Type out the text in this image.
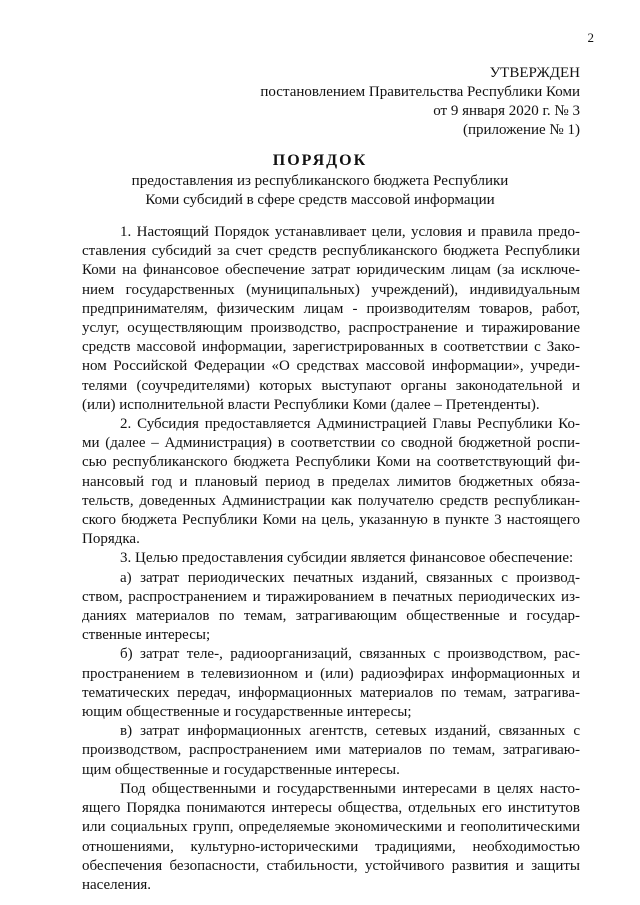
2
УТВЕРЖДЕН
постановлением Правительства Республики Коми
от 9 января 2020 г. № 3
(приложение № 1)
ПОРЯДОК
предоставления из республиканского бюджета Республики
Коми субсидий в сфере средств массовой информации
1. Настоящий Порядок устанавливает цели, условия и правила предо-
ставления субсидий за счет средств республиканского бюджета Республики
Коми на финансовое обеспечение затрат юридическим лицам (за исключе-
нием государственных (муниципальных) учреждений), индивидуальным
предпринимателям, физическим лицам - производителям товаров, работ,
услуг, осуществляющим производство, распространение и тиражирование
средств массовой информации, зарегистрированных в соответствии с Зако-
ном Российской Федерации «О средствах массовой информации», учреди-
телями (соучредителями) которых выступают органы законодательной и
(или) исполнительной власти Республики Коми (далее – Претенденты).
2. Субсидия предоставляется Администрацией Главы Республики Ко-
ми (далее – Администрация) в соответствии со сводной бюджетной роспи-
сью республиканского бюджета Республики Коми на соответствующий фи-
нансовый год и плановый период в пределах лимитов бюджетных обяза-
тельств, доведенных Администрации как получателю средств республикан-
ского бюджета Республики Коми на цель, указанную в пункте 3 настоящего
Порядка.
3. Целью предоставления субсидии является финансовое обеспечение:
а) затрат периодических печатных изданий, связанных с производ-
ством, распространением и тиражированием в печатных периодических из-
даниях материалов по темам, затрагивающим общественные и государ-
ственные интересы;
б) затрат теле-, радиоорганизаций, связанных с производством, рас-
пространением в телевизионном и (или) радиоэфирах информационных и
тематических передач, информационных материалов по темам, затрагива-
ющим общественные и государственные интересы;
в) затрат информационных агентств, сетевых изданий, связанных с
производством, распространением ими материалов по темам, затрагиваю-
щим общественные и государственные интересы.
Под общественными и государственными интересами в целях насто-
ящего Порядка понимаются интересы общества, отдельных его институтов
или социальных групп, определяемые экономическими и геополитическими
отношениями, культурно-историческими традициями, необходимостью
обеспечения безопасности, стабильности, устойчивого развития и защиты
населения.
